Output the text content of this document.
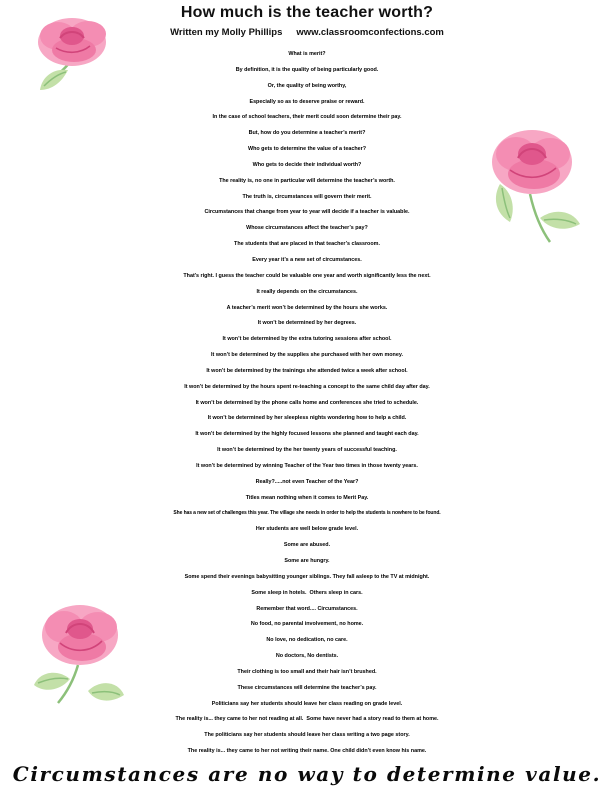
How much is the teacher worth?
Written my Molly Phillips www.classroomconfections.com
What is merit?
By definition, it is the quality of being particularly good.
Or, the quality of being worthy,
Especially so as to deserve praise or reward.
In the case of school teachers, their merit could soon determine their pay.
But, how do you determine a teacher’s merit?
Who gets to determine the value of a teacher?
Who gets to decide their individual worth?
The reality is, no one in particular will determine the teacher’s worth.
The truth is, circumstances will govern their merit.
Circumstances that change from year to year will decide if a teacher is valuable.
Whose circumstances affect the teacher’s pay?
The students that are placed in that teacher’s classroom.
Every year it’s a new set of circumstances.
That’s right. I guess the teacher could be valuable one year and worth significantly less the next.
It really depends on the circumstances.
A teacher’s merit won’t be determined by the hours she works.
It won’t be determined by her degrees.
It won’t be determined by the extra tutoring sessions after school.
It won’t be determined by the supplies she purchased with her own money.
It won’t be determined by the trainings she attended twice a week after school.
It won’t be determined by the hours spent re-teaching a concept to the same child day after day.
It won’t be determined by the phone calls home and conferences she tried to schedule.
It won’t be determined by her sleepless nights wondering how to help a child.
It won’t be determined by the highly focused lessons she planned and taught each day.
It won’t be determined by the her twenty years of successful teaching.
It won’t be determined by winning Teacher of the Year two times in those twenty years.
Really?.....not even Teacher of the Year?
Titles mean nothing when it comes to Merit Pay.
She has a new set of challenges this year. The village she needs in order to help the students is nowhere to be found.
Her students are well below grade level.
Some are abused.
Some are hungry.
Some spend their evenings babysitting younger siblings. They fall asleep to the TV at midnight.
Some sleep in hotels.  Others sleep in cars.
Remember that word.... Circumstances.
No food, no parental involvement, no home.
No love, no dedication, no care.
No doctors, No dentists.
Their clothing is too small and their hair isn’t brushed.
These circumstances will determine the teacher’s pay.
Politicians say her students should leave her class reading on grade level.
The reality is... they came to her not reading at all.  Some have never had a story read to them at home.
The politicians say her students should leave her class writing a two page story.
The reality is... they came to her not writing their name. One child didn’t even know his name.

Circumstances are no way to determine value.
